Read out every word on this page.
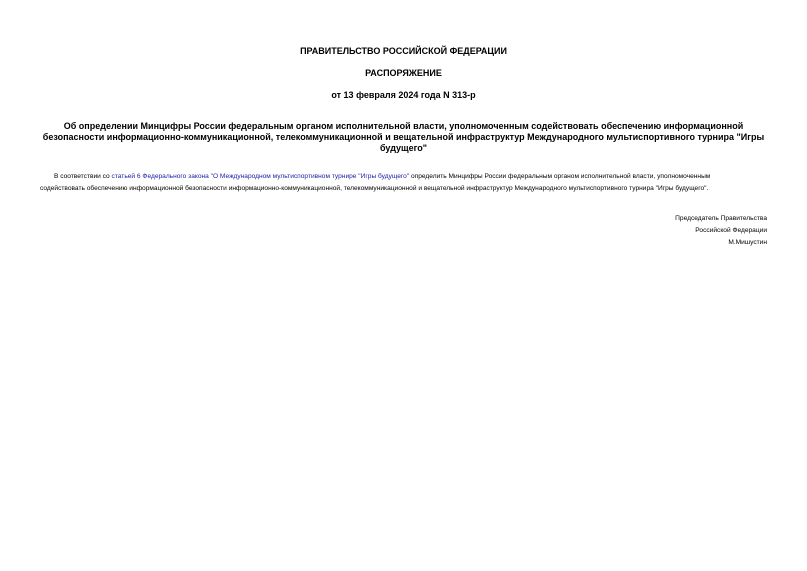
ПРАВИТЕЛЬСТВО РОССИЙСКОЙ ФЕДЕРАЦИИ
РАСПОРЯЖЕНИЕ
от 13 февраля 2024 года N 313-р
Об определении Минцифры России федеральным органом исполнительной власти, уполномоченным содействовать обеспечению информационной
безопасности информационно-коммуникационной, телекоммуникационной и вещательной инфраструктур Международного мультиспортивного турнира "Игры
будущего"
В соответствии со статьей 6 Федерального закона "О Международном мультиспортивном турнире "Игры будущего" определить Минцифры России федеральным органом исполнительной власти, уполномоченным
содействовать обеспечению информационной безопасности информационно-коммуникационной, телекоммуникационной и вещательной инфраструктур Международного мультиспортивного турнира "Игры будущего".
Председатель Правительства
Российской Федерации
М.Мишустин
